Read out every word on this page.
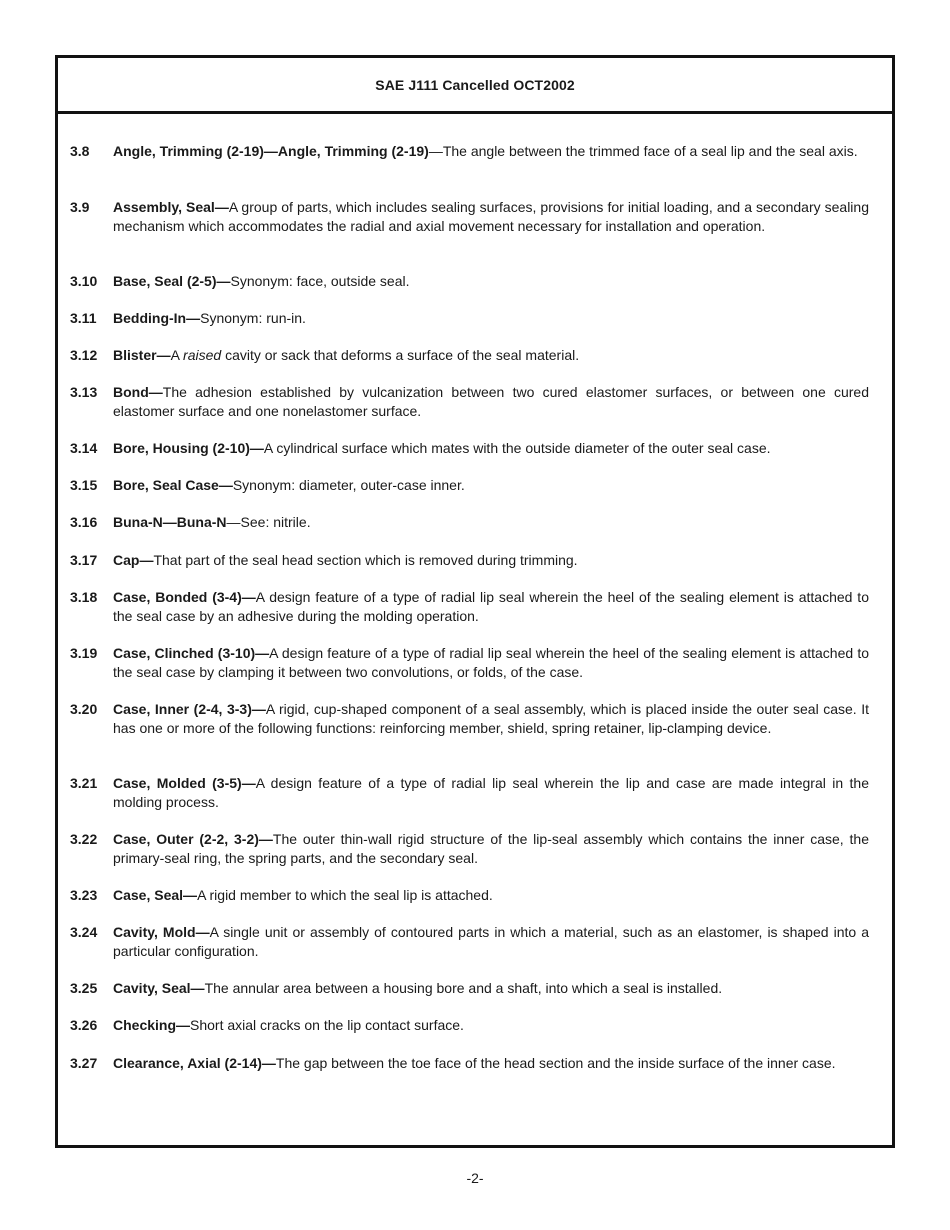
SAE J111 Cancelled OCT2002
3.8	Angle, Trimming (2-19)—Angle, Trimming (2-19)—The angle between the trimmed face of a seal lip and the seal axis.
3.9	Assembly, Seal—A group of parts, which includes sealing surfaces, provisions for initial loading, and a secondary sealing mechanism which accommodates the radial and axial movement necessary for installation and operation.
3.10	Base, Seal (2-5)—Synonym: face, outside seal.
3.11	Bedding-In—Synonym: run-in.
3.12	Blister—A raised cavity or sack that deforms a surface of the seal material.
3.13	Bond—The adhesion established by vulcanization between two cured elastomer surfaces, or between one cured elastomer surface and one nonelastomer surface.
3.14	Bore, Housing (2-10)—A cylindrical surface which mates with the outside diameter of the outer seal case.
3.15	Bore, Seal Case—Synonym: diameter, outer-case inner.
3.16	Buna-N—Buna-N—See: nitrile.
3.17	Cap—That part of the seal head section which is removed during trimming.
3.18	Case, Bonded (3-4)—A design feature of a type of radial lip seal wherein the heel of the sealing element is attached to the seal case by an adhesive during the molding operation.
3.19	Case, Clinched (3-10)—A design feature of a type of radial lip seal wherein the heel of the sealing element is attached to the seal case by clamping it between two convolutions, or folds, of the case.
3.20	Case, Inner (2-4, 3-3)—A rigid, cup-shaped component of a seal assembly, which is placed inside the outer seal case. It has one or more of the following functions: reinforcing member, shield, spring retainer, lip-clamping device.
3.21	Case, Molded (3-5)—A design feature of a type of radial lip seal wherein the lip and case are made integral in the molding process.
3.22	Case, Outer (2-2, 3-2)—The outer thin-wall rigid structure of the lip-seal assembly which contains the inner case, the primary-seal ring, the spring parts, and the secondary seal.
3.23	Case, Seal—A rigid member to which the seal lip is attached.
3.24	Cavity, Mold—A single unit or assembly of contoured parts in which a material, such as an elastomer, is shaped into a particular configuration.
3.25	Cavity, Seal—The annular area between a housing bore and a shaft, into which a seal is installed.
3.26	Checking—Short axial cracks on the lip contact surface.
3.27	Clearance, Axial (2-14)—The gap between the toe face of the head section and the inside surface of the inner case.
-2-
